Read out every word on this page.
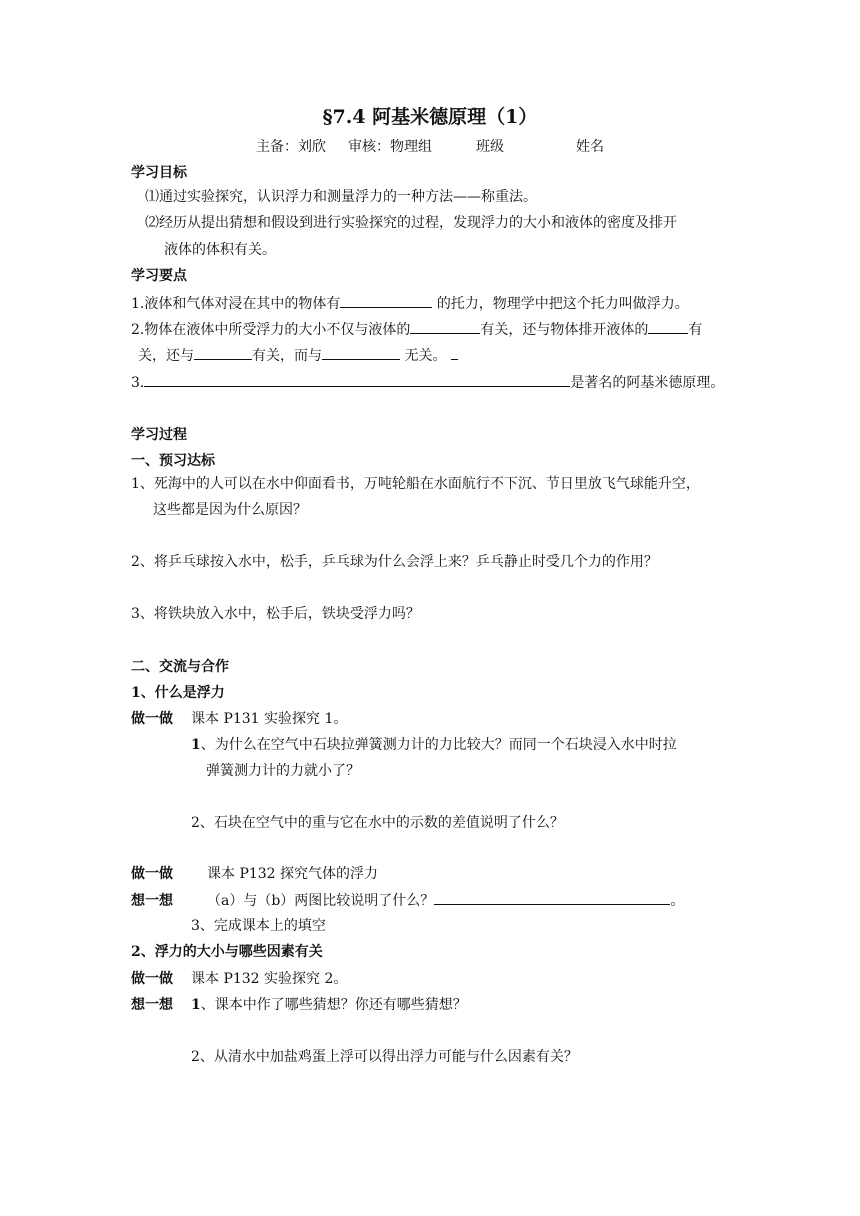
§7.4 阿基米德原理（1）
主备：刘欣 审核：物理组	班级	姓名
学习目标
⑴通过实验探究，认识浮力和测量浮力的一种方法——称重法。
⑵经历从提出猜想和假设到进行实验探究的过程，发现浮力的大小和液体的密度及排开
液体的体积有关。
学习要点
1.液体和气体对浸在其中的物体有	的托力，物理学中把这个托力叫做浮力。
2.物体在液体中所受浮力的大小不仅与液体的	有关，还与物体排开液体的	有
关，还与	有关，而与	无关。
3.	是著名的阿基米德原理。
学习过程
一、预习达标
1、死海中的人可以在水中仰面看书，万吨轮船在水面航行不下沉、节日里放飞气球能升空，
这些都是因为什么原因？
2、将乒乓球按入水中，松手，乒乓球为什么会浮上来？乒乓静止时受几个力的作用？
3、将铁块放入水中，松手后，铁块受浮力吗？
二、交流与合作
1、什么是浮力
做一做 课本 P131 实验探究 1。
1、为什么在空气中石块拉弹簧测力计的力比较大？而同一个石块浸入水中时拉
弹簧测力计的力就小了？
2、石块在空气中的重与它在水中的示数的差值说明了什么？
做一做 课本 P132 探究气体的浮力
想一想 （a）与（b）两图比较说明了什么？	。
3、完成课本上的填空
2、浮力的大小与哪些因素有关
做一做 课本 P132 实验探究 2。
想一想 1、课本中作了哪些猜想？你还有哪些猜想？
2、从清水中加盐鸡蛋上浮可以得出浮力可能与什么因素有关？
